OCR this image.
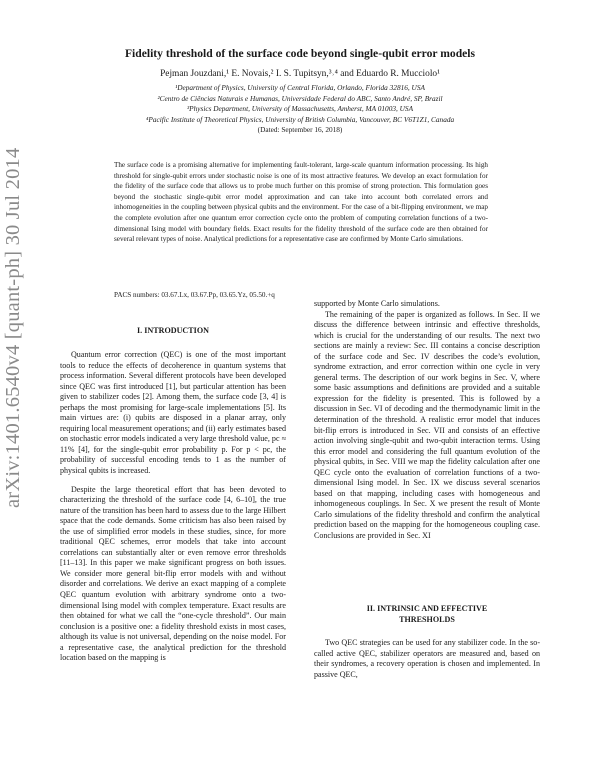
arXiv:1401.6540v4 [quant-ph] 30 Jul 2014
Fidelity threshold of the surface code beyond single-qubit error models
Pejman Jouzdani,¹ E. Novais,² I. S. Tupitsyn,³˒⁴ and Eduardo R. Mucciolo¹
¹Department of Physics, University of Central Florida, Orlando, Florida 32816, USA
²Centro de Ciências Naturais e Humanas, Universidade Federal do ABC, Santo André, SP, Brazil
³Physics Department, University of Massachusetts, Amherst, MA 01003, USA
⁴Pacific Institute of Theoretical Physics, University of British Columbia, Vancouver, BC V6T1Z1, Canada
(Dated: September 16, 2018)

The surface code is a promising alternative for implementing fault-tolerant, large-scale quantum information processing. Its high threshold for single-qubit errors under stochastic noise is one of its most attractive features. We develop an exact formulation for the fidelity of the surface code that allows us to probe much further on this promise of strong protection. This formulation goes beyond the stochastic single-qubit error model approximation and can take into account both correlated errors and inhomogeneities in the coupling between physical qubits and the environment. For the case of a bit-flipping environment, we map the complete evolution after one quantum error correction cycle onto the problem of computing correlation functions of a two-dimensional Ising model with boundary fields. Exact results for the fidelity threshold of the surface code are then obtained for several relevant types of noise. Analytical predictions for a representative case are confirmed by Monte Carlo simulations.

PACS numbers: 03.67.Lx, 03.67.Pp, 03.65.Yz, 05.50.+q

I. INTRODUCTION

Quantum error correction (QEC) is one of the most important tools to reduce the effects of decoherence in quantum systems that process information. Several different protocols have been developed since QEC was first introduced [1], but particular attention has been given to stabilizer codes [2]. Among them, the surface code [3, 4] is perhaps the most promising for large-scale implementations [5]. Its main virtues are: (i) qubits are disposed in a planar array, only requiring local measurement operations; and (ii) early estimates based on stochastic error models indicated a very large threshold value, pc ≈ 11% [4], for the single-qubit error probability p. For p < pc, the probability of successful encoding tends to 1 as the number of physical qubits is increased.

Despite the large theoretical effort that has been devoted to characterizing the threshold of the surface code [4, 6–10], the true nature of the transition has been hard to assess due to the large Hilbert space that the code demands. Some criticism has also been raised by the use of simplified error models in these studies, since, for more traditional QEC schemes, error models that take into account correlations can substantially alter or even remove error thresholds [11–13]. In this paper we make significant progress on both issues. We consider more general bit-flip error models with and without disorder and correlations. We derive an exact mapping of a complete QEC quantum evolution with arbitrary syndrome onto a two-dimensional Ising model with complex temperature. Exact results are then obtained for what we call the “one-cycle threshold”. Our main conclusion is a positive one: a fidelity threshold exists in most cases, although its value is not universal, depending on the noise model. For a representative case, the analytical prediction for the threshold location based on the mapping is

supported by Monte Carlo simulations.

The remaining of the paper is organized as follows. In Sec. II we discuss the difference between intrinsic and effective thresholds, which is crucial for the understanding of our results. The next two sections are mainly a review: Sec. III contains a concise description of the surface code and Sec. IV describes the code’s evolution, syndrome extraction, and error correction within one cycle in very general terms. The description of our work begins in Sec. V, where some basic assumptions and definitions are provided and a suitable expression for the fidelity is presented. This is followed by a discussion in Sec. VI of decoding and the thermodynamic limit in the determination of the threshold. A realistic error model that induces bit-flip errors is introduced in Sec. VII and consists of an effective action involving single-qubit and two-qubit interaction terms. Using this error model and considering the full quantum evolution of the physical qubits, in Sec. VIII we map the fidelity calculation after one QEC cycle onto the evaluation of correlation functions of a two-dimensional Ising model. In Sec. IX we discuss several scenarios based on that mapping, including cases with homogeneous and inhomogeneous couplings. In Sec. X we present the result of Monte Carlo simulations of the fidelity threshold and confirm the analytical prediction based on the mapping for the homogeneous coupling case. Conclusions are provided in Sec. XI

II. INTRINSIC AND EFFECTIVE
THRESHOLDS

Two QEC strategies can be used for any stabilizer code. In the so-called active QEC, stabilizer operators are measured and, based on their syndromes, a recovery operation is chosen and implemented. In passive QEC,
